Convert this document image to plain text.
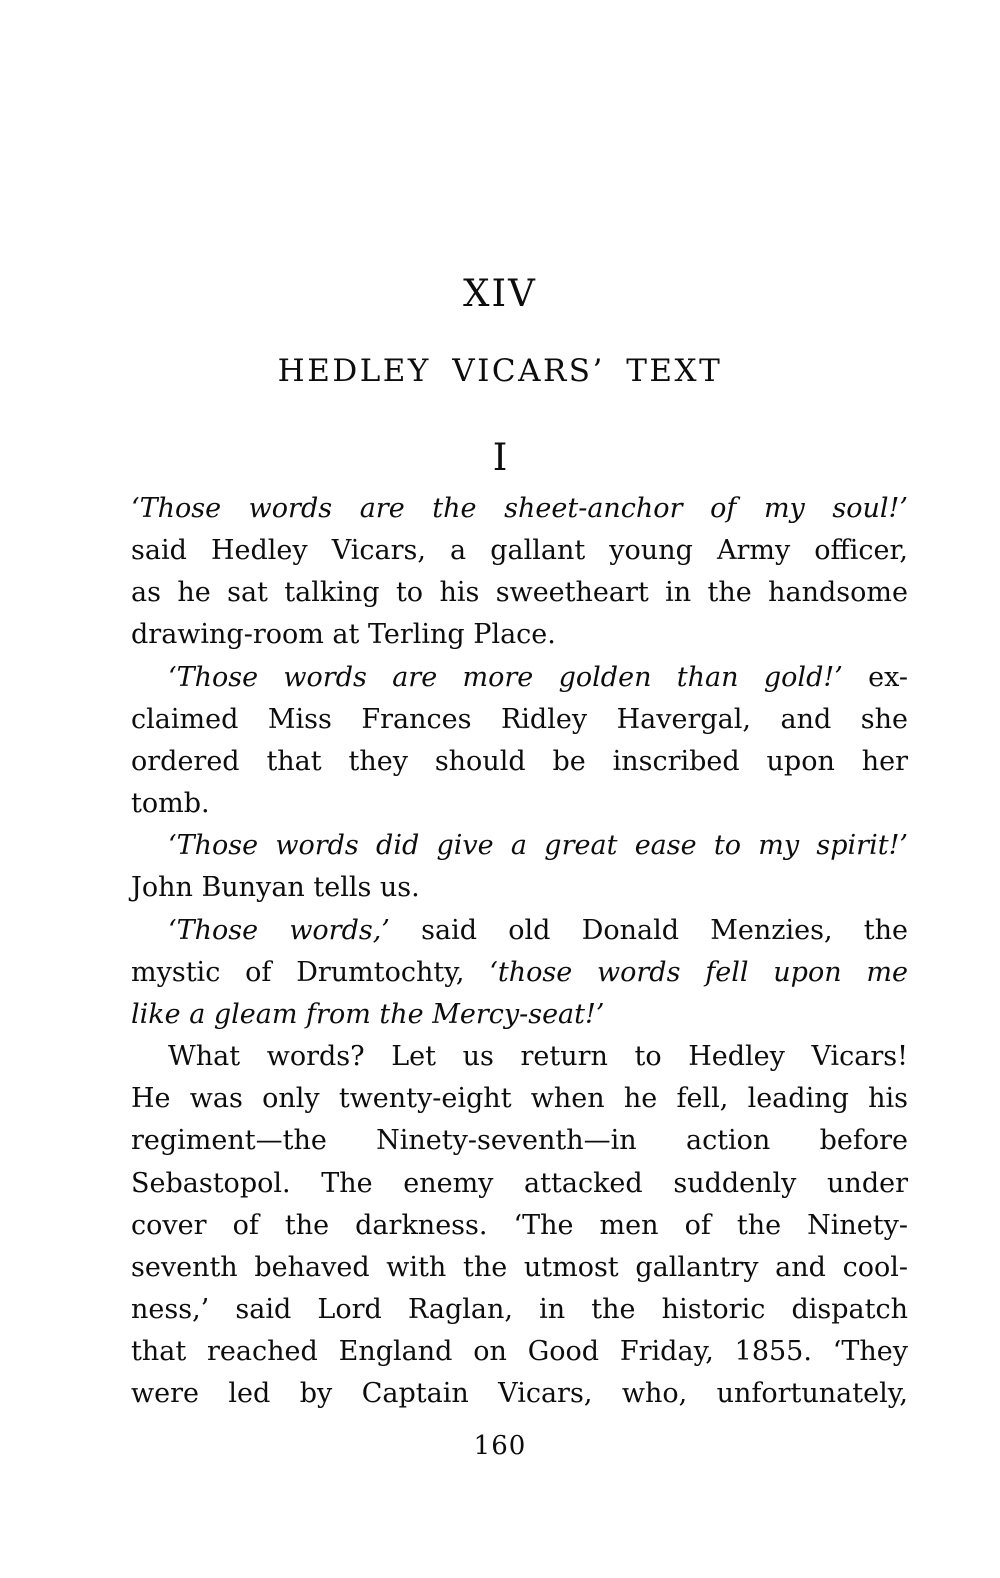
XIV
HEDLEY VICARS’ TEXT
I
‘Those words are the sheet-anchor of my soul!’
said Hedley Vicars, a gallant young Army officer,
as he sat talking to his sweetheart in the handsome
drawing-room at Terling Place.
‘Those words are more golden than gold!’ ex-
claimed Miss Frances Ridley Havergal, and she
ordered that they should be inscribed upon her
tomb.
‘Those words did give a great ease to my spirit!’
John Bunyan tells us.
‘Those words,’ said old Donald Menzies, the
mystic of Drumtochty, ‘those words fell upon me
like a gleam from the Mercy-seat!’
What words? Let us return to Hedley Vicars!
He was only twenty-eight when he fell, leading his
regiment—the Ninety-seventh—in action before
Sebastopol. The enemy attacked suddenly under
cover of the darkness. ‘The men of the Ninety-
seventh behaved with the utmost gallantry and cool-
ness,’ said Lord Raglan, in the historic dispatch
that reached England on Good Friday, 1855. ‘They
were led by Captain Vicars, who, unfortunately,
160
